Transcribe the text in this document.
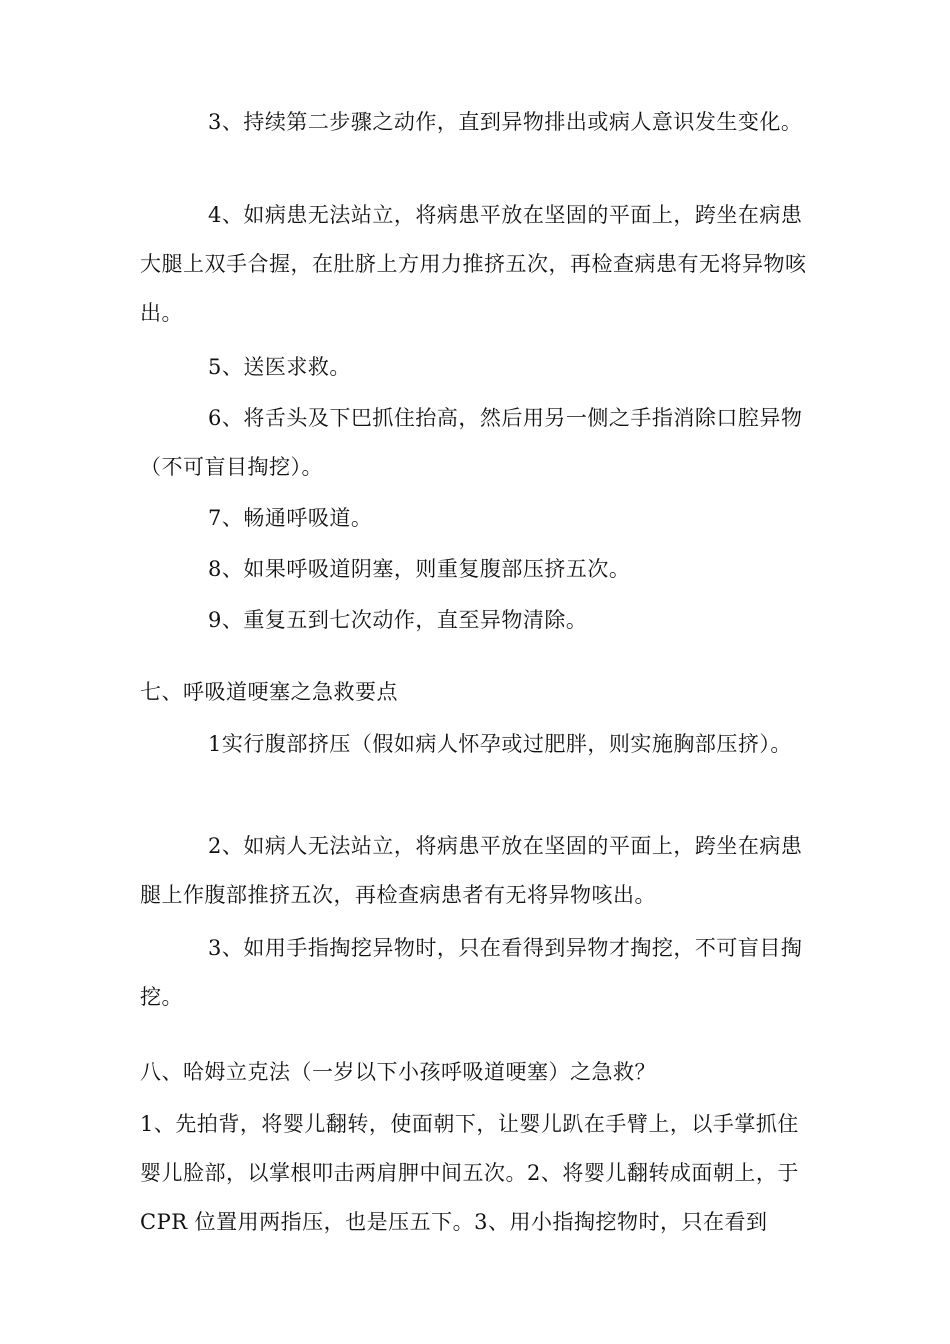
3、持续第二步骤之动作，直到异物排出或病人意识发生变化。

4、如病患无法站立，将病患平放在坚固的平面上，跨坐在病患大腿上双手合握，在肚脐上方用力推挤五次，再检查病患有无将异物咳出。

5、送医求救。

6、将舌头及下巴抓住抬高，然后用另一侧之手指消除口腔异物（不可盲目掏挖）。

7、畅通呼吸道。

8、如果呼吸道阴塞，则重复腹部压挤五次。

9、重复五到七次动作，直至异物清除。

七、呼吸道哽塞之急救要点

1实行腹部挤压（假如病人怀孕或过肥胖，则实施胸部压挤）。

2、如病人无法站立，将病患平放在坚固的平面上，跨坐在病患腿上作腹部推挤五次，再检查病患者有无将异物咳出。

3、如用手指掏挖异物时，只在看得到异物才掏挖，不可盲目掏挖。

八、哈姆立克法（一岁以下小孩呼吸道哽塞）之急救？

1、先拍背，将婴儿翻转，使面朝下，让婴儿趴在手臂上，以手掌抓住婴儿脸部，以掌根叩击两肩胛中间五次。2、将婴儿翻转成面朝上，于 CPR 位置用两指压，也是压五下。3、用小指掏挖物时，只在看到
